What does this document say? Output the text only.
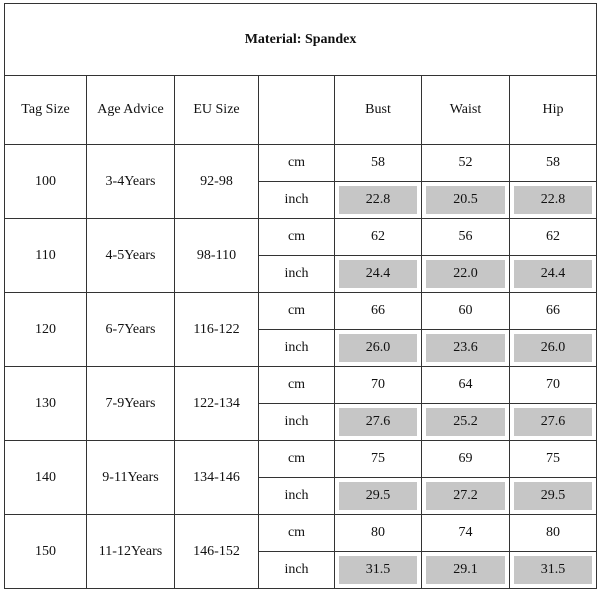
Material: Spandex						
Tag Size	Age Advice	EU Size		Bust	Waist	Hip
100	3-4Years	92-98	cm	58	52	58
			inch	22.8	20.5	22.8
110	4-5Years	98-110	cm	62	56	62
			inch	24.4	22.0	24.4
120	6-7Years	116-122	cm	66	60	66
			inch	26.0	23.6	26.0
130	7-9Years	122-134	cm	70	64	70
			inch	27.6	25.2	27.6
140	9-11Years	134-146	cm	75	69	75
			inch	29.5	27.2	29.5
150	11-12Years	146-152	cm	80	74	80
			inch	31.5	29.1	31.5
